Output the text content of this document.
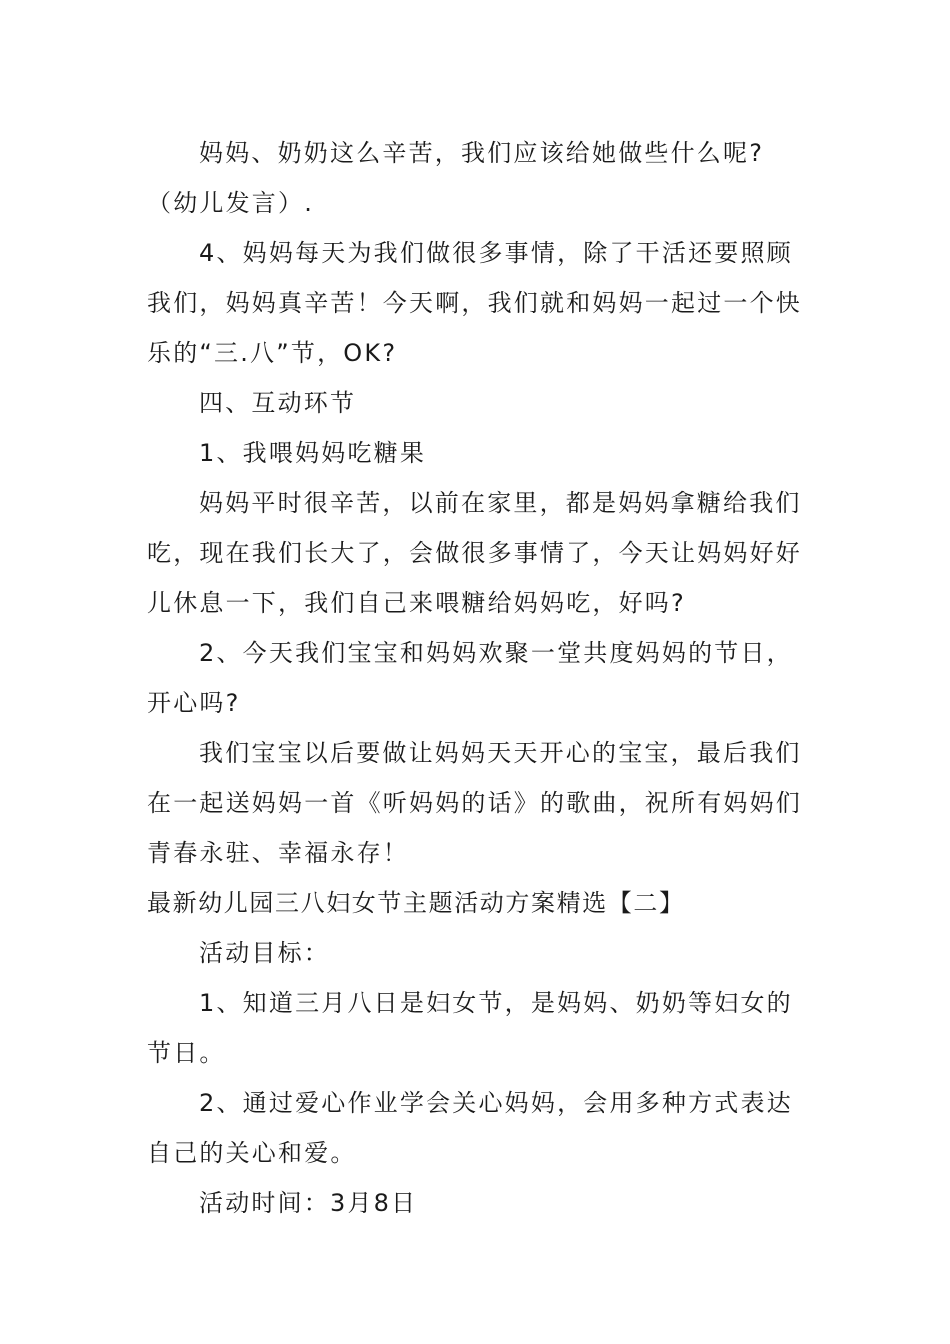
妈妈、奶奶这么辛苦，我们应该给她做些什么呢?（幼儿发言）.

4、妈妈每天为我们做很多事情，除了干活还要照顾我们，妈妈真辛苦！今天啊，我们就和妈妈一起过一个快乐的“三.八”节，OK?

四、互动环节

1、我喂妈妈吃糖果

妈妈平时很辛苦，以前在家里，都是妈妈拿糖给我们吃，现在我们长大了，会做很多事情了，今天让妈妈好好儿休息一下，我们自己来喂糖给妈妈吃，好吗?

2、今天我们宝宝和妈妈欢聚一堂共度妈妈的节日，开心吗?

我们宝宝以后要做让妈妈天天开心的宝宝，最后我们在一起送妈妈一首《听妈妈的话》的歌曲，祝所有妈妈们青春永驻、幸福永存！

最新幼儿园三八妇女节主题活动方案精选【二】

活动目标：

1、知道三月八日是妇女节，是妈妈、奶奶等妇女的节日。

2、通过爱心作业学会关心妈妈，会用多种方式表达自己的关心和爱。

活动时间：3月8日
